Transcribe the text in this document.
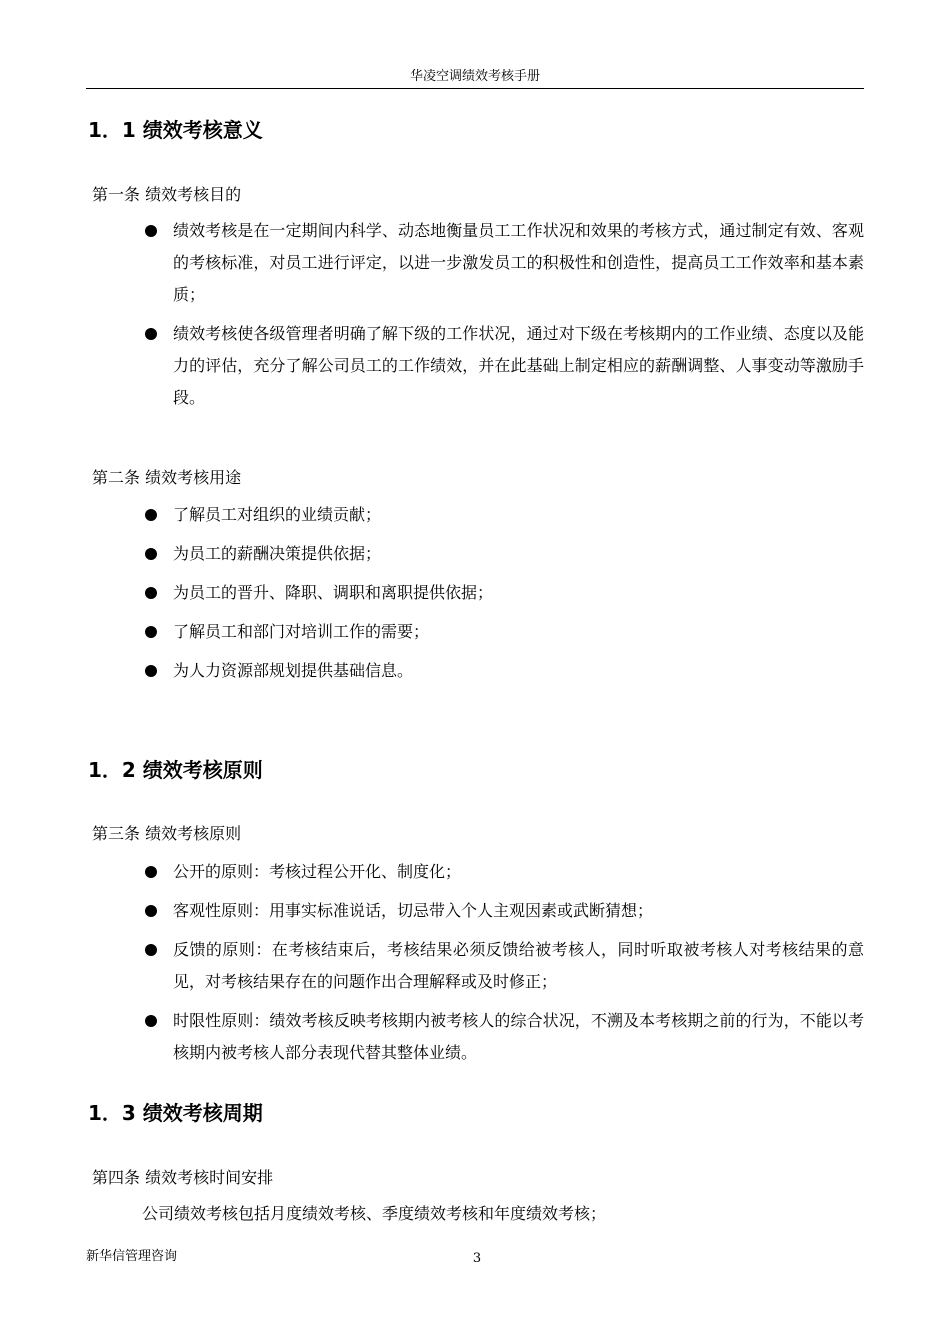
华凌空调绩效考核手册
1．1 绩效考核意义

第一条 绩效考核目的

绩效考核是在一定期间内科学、动态地衡量员工工作状况和效果的考核方式，通过制定有效、客观的考核标准，对员工进行评定，以进一步激发员工的积极性和创造性，提高员工工作效率和基本素质；
绩效考核使各级管理者明确了解下级的工作状况，通过对下级在考核期内的工作业绩、态度以及能力的评估，充分了解公司员工的工作绩效，并在此基础上制定相应的薪酬调整、人事变动等激励手段。

第二条 绩效考核用途

了解员工对组织的业绩贡献；
为员工的薪酬决策提供依据；
为员工的晋升、降职、调职和离职提供依据；
了解员工和部门对培训工作的需要；
为人力资源部规划提供基础信息。
1．2 绩效考核原则

第三条 绩效考核原则

公开的原则：考核过程公开化、制度化；
客观性原则：用事实标准说话，切忌带入个人主观因素或武断猜想；
反馈的原则：在考核结束后，考核结果必须反馈给被考核人，同时听取被考核人对考核结果的意见，对考核结果存在的问题作出合理解释或及时修正；
时限性原则：绩效考核反映考核期内被考核人的综合状况，不溯及本考核期之前的行为，不能以考核期内被考核人部分表现代替其整体业绩。
1．3 绩效考核周期

第四条 绩效考核时间安排

公司绩效考核包括月度绩效考核、季度绩效考核和年度绩效考核；

新华信管理咨询	3
